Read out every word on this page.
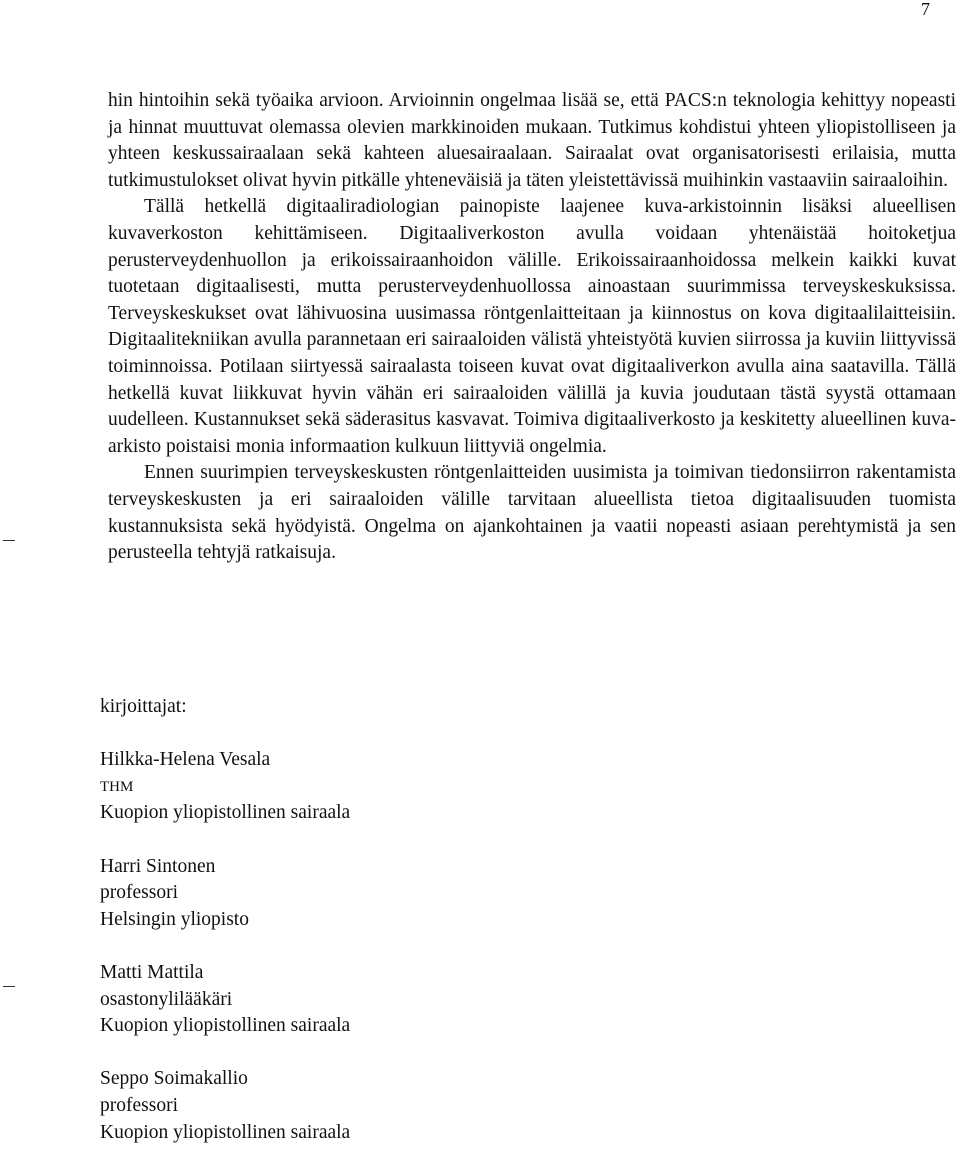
7

hin hintoihin sekä työaika arvioon. Arvioinnin ongelmaa lisää se, että PACS:n teknologia kehittyy nopeasti ja hinnat muuttuvat olemassa olevien markkinoiden mukaan. Tutkimus kohdistui yhteen yliopistolliseen ja yhteen keskussairaalaan sekä kahteen aluesairaalaan. Sairaalat ovat organisatorisesti erilaisia, mutta tutkimustulokset olivat hyvin pitkälle yhteneväisiä ja täten yleistettävissä muihinkin vastaaviin sairaaloihin.

Tällä hetkellä digitaaliradiologian painopiste laajenee kuva-arkistoinnin lisäksi alueellisen kuvaverkoston kehittämiseen. Digitaaliverkoston avulla voidaan yhtenäistää hoitoketjua perusterveydenhuollon ja erikoissairaanhoidon välille. Erikoissairaanhoidossa melkein kaikki kuvat tuotetaan digitaalisesti, mutta perusterveydenhuollossa ainoastaan suurimmissa terveyskeskuksissa. Terveyskeskukset ovat lähivuosina uusimassa röntgenlaitteitaan ja kiinnostus on kova digitaalilaitteisiin. Digitaalitekniikan avulla parannetaan eri sairaaloiden välistä yhteistyötä kuvien siirrossa ja kuviin liittyvissä toiminnoissa. Potilaan siirtyessä sairaalasta toiseen kuvat ovat digitaaliverkon avulla aina saatavilla. Tällä hetkellä kuvat liikkuvat hyvin vähän eri sairaaloiden välillä ja kuvia joudutaan tästä syystä ottamaan uudelleen. Kustannukset sekä säderasitus kasvavat. Toimiva digitaaliverkosto ja keskitetty alueellinen kuva-arkisto poistaisi monia informaation kulkuun liittyviä ongelmia.

Ennen suurimpien terveyskeskusten röntgenlaitteiden uusimista ja toimivan tiedonsiirron rakentamista terveyskeskusten ja eri sairaaloiden välille tarvitaan alueellista tietoa digitaalisuuden tuomista kustannuksista sekä hyödyistä. Ongelma on ajankohtainen ja vaatii nopeasti asiaan perehtymistä ja sen perusteella tehtyjä ratkaisuja.

kirjoittajat:
Hilkka-Helena Vesala
THM
Kuopion yliopistollinen sairaala
Harri Sintonen
professori
Helsingin yliopisto
Matti Mattila
osastonylilääkäri
Kuopion yliopistollinen sairaala
Seppo Soimakallio
professori
Kuopion yliopistollinen sairaala
